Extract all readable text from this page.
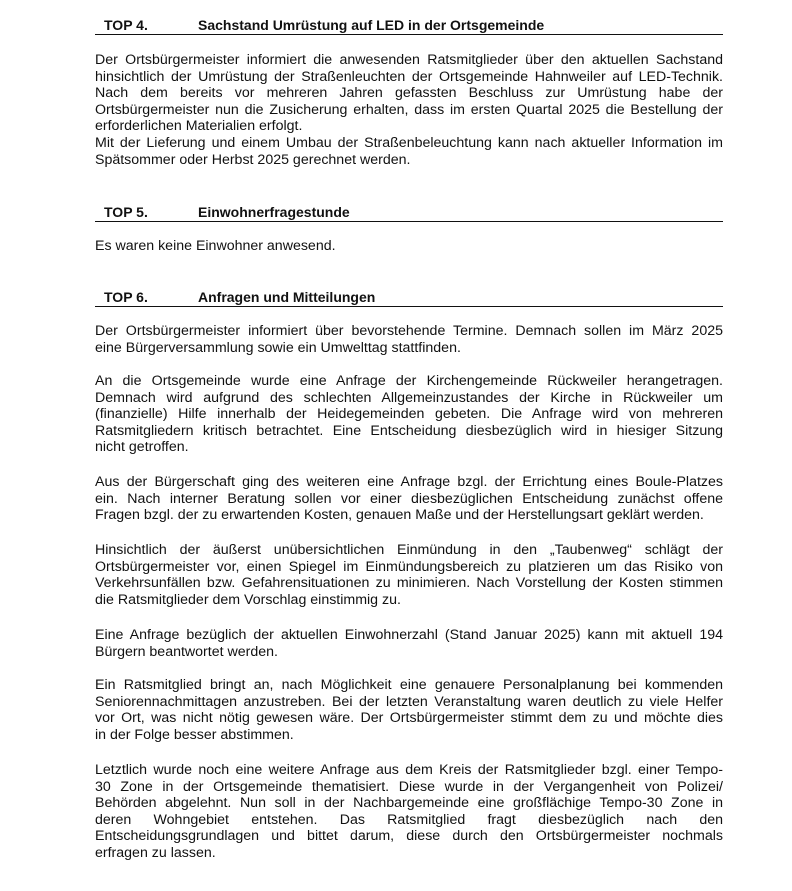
TOP 4.	Sachstand Umrüstung auf LED in der Ortsgemeinde
Der Ortsbürgermeister informiert die anwesenden Ratsmitglieder über den aktuellen Sachstand
hinsichtlich der Umrüstung der Straßenleuchten der Ortsgemeinde Hahnweiler auf LED-Technik.
Nach dem bereits vor mehreren Jahren gefassten Beschluss zur Umrüstung habe der
Ortsbürgermeister nun die Zusicherung erhalten, dass im ersten Quartal 2025 die Bestellung der
erforderlichen Materialien erfolgt.
Mit der Lieferung und einem Umbau der Straßenbeleuchtung kann nach aktueller Information im
Spätsommer oder Herbst 2025 gerechnet werden.
TOP 5.	Einwohnerfragestunde
Es waren keine Einwohner anwesend.
TOP 6.	Anfragen und Mitteilungen
Der Ortsbürgermeister informiert über bevorstehende Termine. Demnach sollen im März 2025
eine Bürgerversammlung sowie ein Umwelttag stattfinden.
An die Ortsgemeinde wurde eine Anfrage der Kirchengemeinde Rückweiler herangetragen.
Demnach wird aufgrund des schlechten Allgemeinzustandes der Kirche in Rückweiler um
(finanzielle) Hilfe innerhalb der Heidegemeinden gebeten. Die Anfrage wird von mehreren
Ratsmitgliedern kritisch betrachtet. Eine Entscheidung diesbezüglich wird in hiesiger Sitzung
nicht getroffen.
Aus der Bürgerschaft ging des weiteren eine Anfrage bzgl. der Errichtung eines Boule-Platzes
ein. Nach interner Beratung sollen vor einer diesbezüglichen Entscheidung zunächst offene
Fragen bzgl. der zu erwartenden Kosten, genauen Maße und der Herstellungsart geklärt werden.
Hinsichtlich der äußerst unübersichtlichen Einmündung in den „Taubenweg“ schlägt der
Ortsbürgermeister vor, einen Spiegel im Einmündungsbereich zu platzieren um das Risiko von
Verkehrsunfällen bzw. Gefahrensituationen zu minimieren. Nach Vorstellung der Kosten stimmen
die Ratsmitglieder dem Vorschlag einstimmig zu.
Eine Anfrage bezüglich der aktuellen Einwohnerzahl (Stand Januar 2025) kann mit aktuell 194
Bürgern beantwortet werden.
Ein Ratsmitglied bringt an, nach Möglichkeit eine genauere Personalplanung bei kommenden
Seniorennachmittagen anzustreben. Bei der letzten Veranstaltung waren deutlich zu viele Helfer
vor Ort, was nicht nötig gewesen wäre. Der Ortsbürgermeister stimmt dem zu und möchte dies
in der Folge besser abstimmen.
Letztlich wurde noch eine weitere Anfrage aus dem Kreis der Ratsmitglieder bzgl. einer Tempo-
30 Zone in der Ortsgemeinde thematisiert. Diese wurde in der Vergangenheit von Polizei/
Behörden abgelehnt. Nun soll in der Nachbargemeinde eine großflächige Tempo-30 Zone in
deren Wohngebiet entstehen. Das Ratsmitglied fragt diesbezüglich nach den
Entscheidungsgrundlagen und bittet darum, diese durch den Ortsbürgermeister nochmals
erfragen zu lassen.
